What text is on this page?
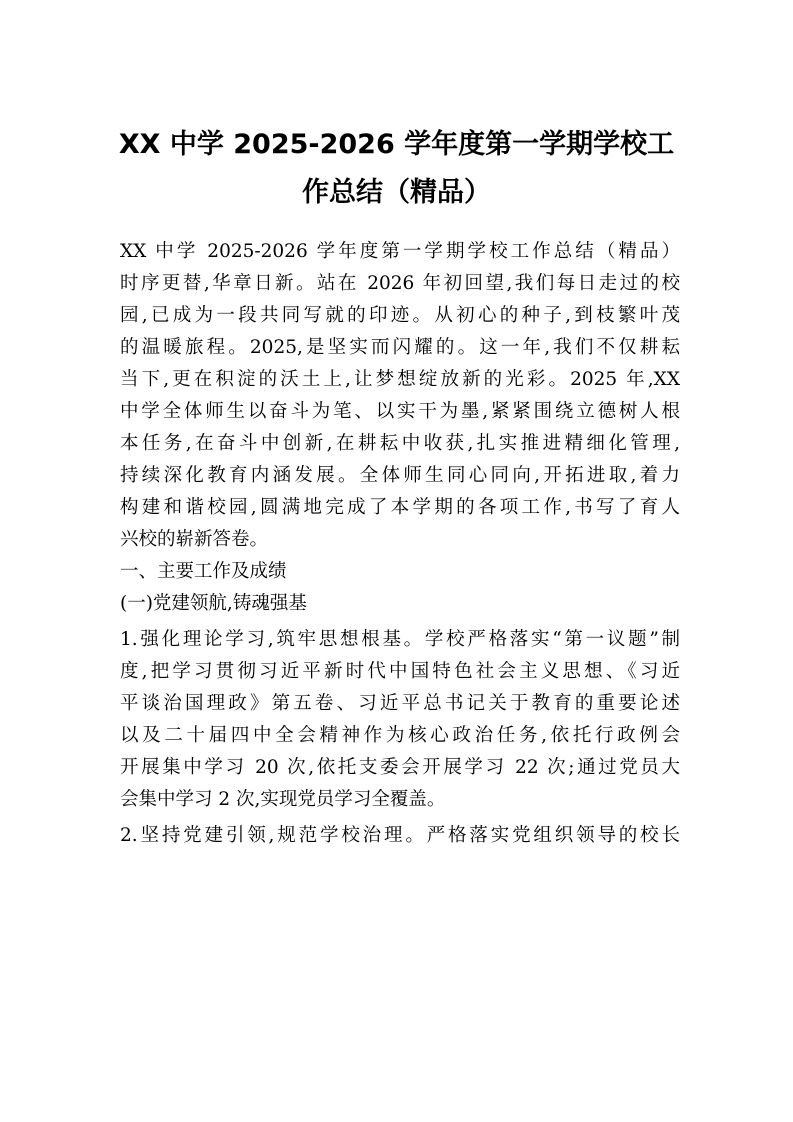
XX 中学 2025-2026 学年度第一学期学校工
作总结（精品）
XX 中学 2025-2026 学年度第一学期学校工作总结（精品）
时序更替,华章日新。站在 2026 年初回望,我们每日走过的校
园,已成为一段共同写就的印迹。从初心的种子,到枝繁叶茂
的温暖旅程。2025,是坚实而闪耀的。这一年,我们不仅耕耘
当下,更在积淀的沃土上,让梦想绽放新的光彩。2025 年,XX
中学全体师生以奋斗为笔、以实干为墨,紧紧围绕立德树人根
本任务,在奋斗中创新,在耕耘中收获,扎实推进精细化管理,
持续深化教育内涵发展。全体师生同心同向,开拓进取,着力
构建和谐校园,圆满地完成了本学期的各项工作,书写了育人
兴校的崭新答卷。
一、主要工作及成绩
(一)党建领航,铸魂强基
1.强化理论学习,筑牢思想根基。学校严格落实“第一议题”制
度,把学习贯彻习近平新时代中国特色社会主义思想、《习近
平谈治国理政》第五卷、习近平总书记关于教育的重要论述
以及二十届四中全会精神作为核心政治任务,依托行政例会
开展集中学习 20 次,依托支委会开展学习 22 次;通过党员大
会集中学习 2 次,实现党员学习全覆盖。
2.坚持党建引领,规范学校治理。严格落实党组织领导的校长
